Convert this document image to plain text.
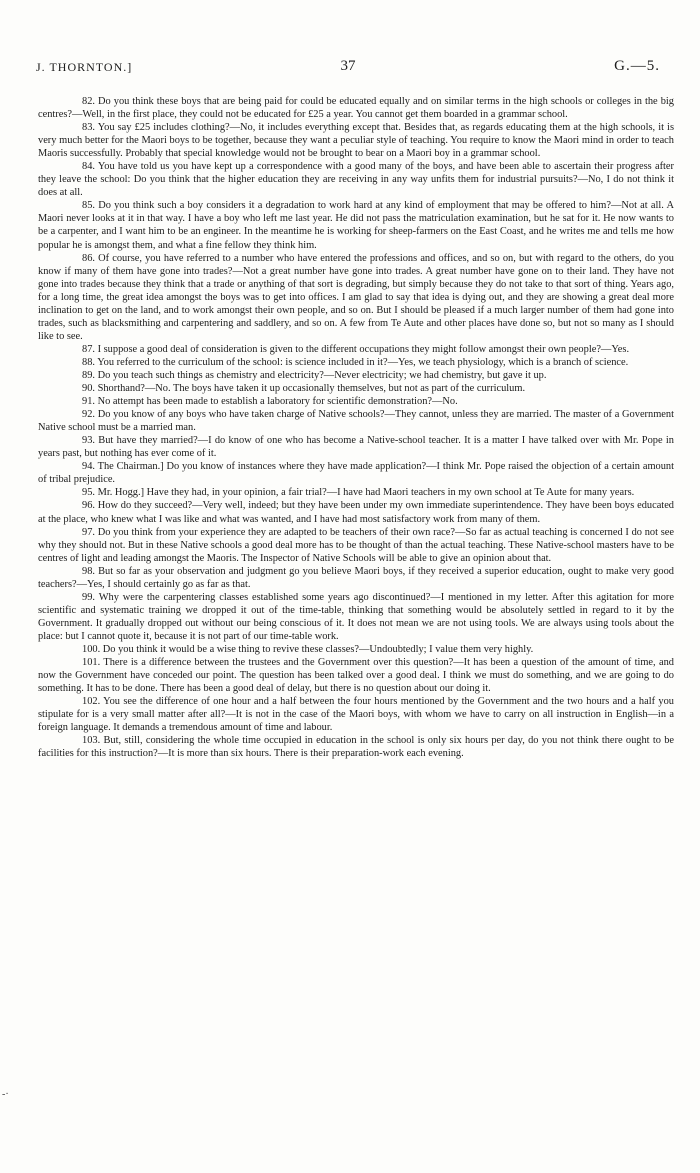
J. THORNTON.]	37	G.—5.

82. Do you think these boys that are being paid for could be educated equally and on similar terms in the high schools or colleges in the big centres?—Well, in the first place, they could not be educated for £25 a year. You cannot get them boarded in a grammar school.

83. You say £25 includes clothing?—No, it includes everything except that. Besides that, as regards educating them at the high schools, it is very much better for the Maori boys to be together, because they want a peculiar style of teaching. You require to know the Maori mind in order to teach Maoris successfully. Probably that special knowledge would not be brought to bear on a Maori boy in a grammar school.

84. You have told us you have kept up a correspondence with a good many of the boys, and have been able to ascertain their progress after they leave the school: Do you think that the higher education they are receiving in any way unfits them for industrial pursuits?—No, I do not think it does at all.

85. Do you think such a boy considers it a degradation to work hard at any kind of employment that may be offered to him?—Not at all. A Maori never looks at it in that way. I have a boy who left me last year. He did not pass the matriculation examination, but he sat for it. He now wants to be a carpenter, and I want him to be an engineer. In the meantime he is working for sheep-farmers on the East Coast, and he writes me and tells me how popular he is amongst them, and what a fine fellow they think him.

86. Of course, you have referred to a number who have entered the professions and offices, and so on, but with regard to the others, do you know if many of them have gone into trades?—Not a great number have gone into trades. A great number have gone on to their land. They have not gone into trades because they think that a trade or anything of that sort is degrading, but simply because they do not take to that sort of thing. Years ago, for a long time, the great idea amongst the boys was to get into offices. I am glad to say that idea is dying out, and they are showing a great deal more inclination to get on the land, and to work amongst their own people, and so on. But I should be pleased if a much larger number of them had gone into trades, such as blacksmithing and carpentering and saddlery, and so on. A few from Te Aute and other places have done so, but not so many as I should like to see.

87. I suppose a good deal of consideration is given to the different occupations they might follow amongst their own people?—Yes.

88. You referred to the curriculum of the school: is science included in it?—Yes, we teach physiology, which is a branch of science.

89. Do you teach such things as chemistry and electricity?—Never electricity; we had chemistry, but gave it up.

90. Shorthand?—No. The boys have taken it up occasionally themselves, but not as part of the curriculum.

91. No attempt has been made to establish a laboratory for scientific demonstration?—No.

92. Do you know of any boys who have taken charge of Native schools?—They cannot, unless they are married. The master of a Government Native school must be a married man.

93. But have they married?—I do know of one who has become a Native-school teacher. It is a matter I have talked over with Mr. Pope in years past, but nothing has ever come of it.

94. The Chairman.] Do you know of instances where they have made application?—I think Mr. Pope raised the objection of a certain amount of tribal prejudice.

95. Mr. Hogg.] Have they had, in your opinion, a fair trial?—I have had Maori teachers in my own school at Te Aute for many years.

96. How do they succeed?—Very well, indeed; but they have been under my own immediate superintendence. They have been boys educated at the place, who knew what I was like and what was wanted, and I have had most satisfactory work from many of them.

97. Do you think from your experience they are adapted to be teachers of their own race?—So far as actual teaching is concerned I do not see why they should not. But in these Native schools a good deal more has to be thought of than the actual teaching. These Native-school masters have to be centres of light and leading amongst the Maoris. The Inspector of Native Schools will be able to give an opinion about that.

98. But so far as your observation and judgment go you believe Maori boys, if they received a superior education, ought to make very good teachers?—Yes, I should certainly go as far as that.

99. Why were the carpentering classes established some years ago discontinued?—I mentioned in my letter. After this agitation for more scientific and systematic training we dropped it out of the time-table, thinking that something would be absolutely settled in regard to it by the Government. It gradually dropped out without our being conscious of it. It does not mean we are not using tools. We are always using tools about the place: but I cannot quote it, because it is not part of our time-table work.

100. Do you think it would be a wise thing to revive these classes?—Undoubtedly; I value them very highly.

101. There is a difference between the trustees and the Government over this question?—It has been a question of the amount of time, and now the Government have conceded our point. The question has been talked over a good deal. I think we must do something, and we are going to do something. It has to be done. There has been a good deal of delay, but there is no question about our doing it.

102. You see the difference of one hour and a half between the four hours mentioned by the Government and the two hours and a half you stipulate for is a very small matter after all?—It is not in the case of the Maori boys, with whom we have to carry on all instruction in English—in a foreign language. It demands a tremendous amount of time and labour.

103. But, still, considering the whole time occupied in education in the school is only six hours per day, do you not think there ought to be facilities for this instruction?—It is more than six hours. There is their preparation-work each evening.

-·
